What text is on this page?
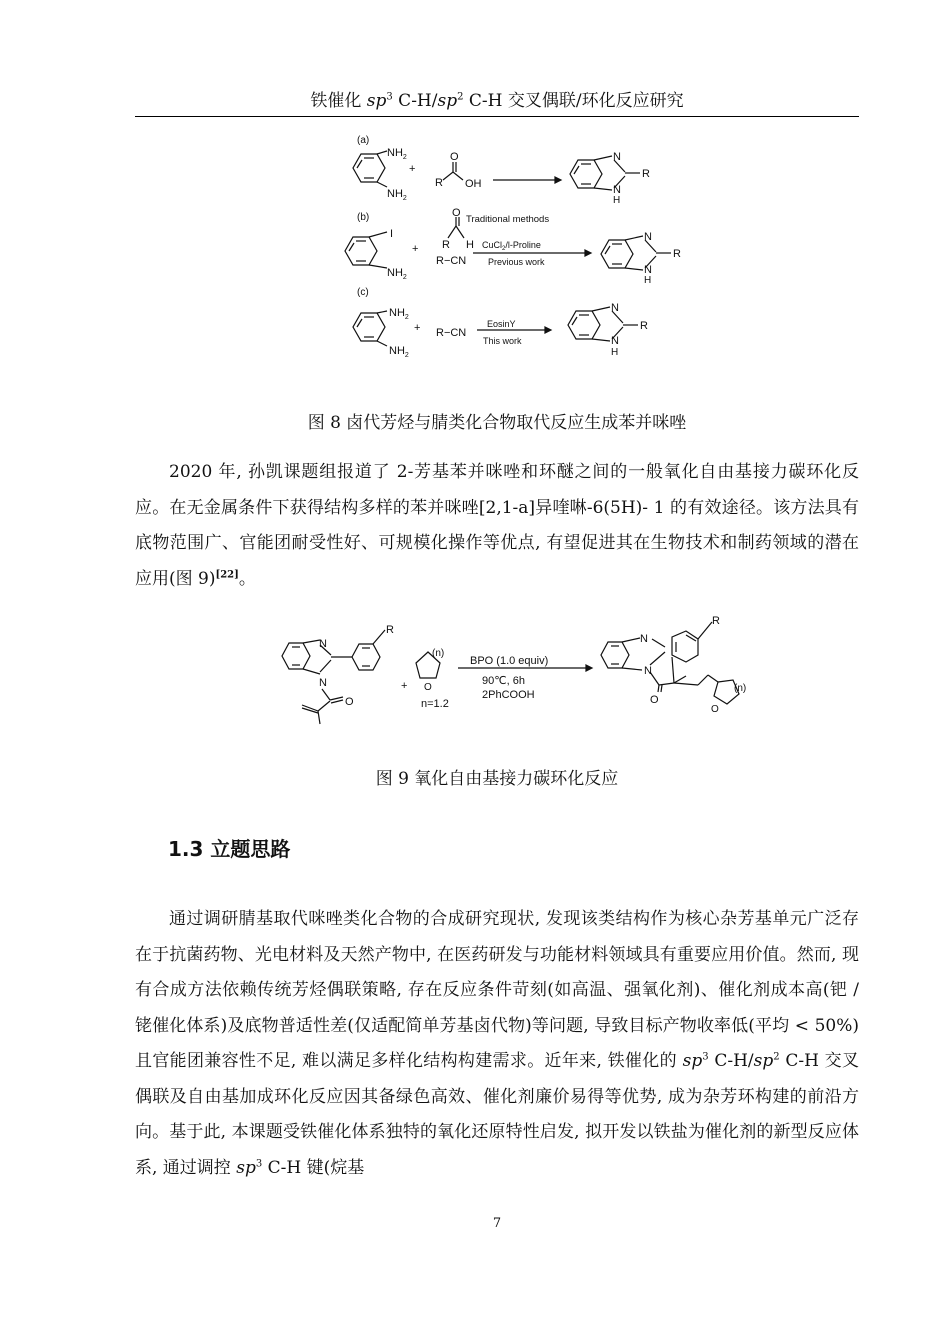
铁催化 $sp^3$ $C-H/sp^2$ C-H 交叉偶联/环化反应研究
(a)
$NH_2$
$NH_2$
+
R
O
OH
N
N
H
R
(b)
I
$NH_2$
+ R
O
H
R−CN
Traditional methods
CuCl$_2$/l-Proline
Previous work
N
N
H
R
(c)
$NH_2$
$NH_2$
+ R−CN
EosinY
This work
N
N
H
R
图 8 卤代芳烃与腈类化合物取代反应生成苯并咪唑

2020 年, 孙凯课题组报道了 2-芳基苯并咪唑和环醚之间的一般氧化自由基接力碳环化反应。在无金属条件下获得结构多样的苯并咪唑[2,1-a]异喹啉-6(5H)- 1 的有效途径。该方法具有底物范围广、官能团耐受性好、可规模化操作等优点, 有望促进其在生物技术和制药领域的潜在应用(图 9)[22]。

N
N
R
O
+
(n)
O
n=1.2
BPO (1.0 equiv)
90℃, 6h
2PhCOOH
N
N
R
O
(n)
O
图 9 氧化自由基接力碳环化反应
1.3 立题思路

通过调研腈基取代咪唑类化合物的合成研究现状, 发现该类结构作为核心杂芳基单元广泛存在于抗菌药物、光电材料及天然产物中, 在医药研发与功能材料领域具有重要应用价值。然而, 现有合成方法依赖传统芳烃偶联策略, 存在反应条件苛刻(如高温、强氧化剂)、催化剂成本高(钯 / 铑催化体系)及底物普适性差(仅适配简单芳基卤代物)等问题, 导致目标产物收率低(平均 < 50%)且官能团兼容性不足, 难以满足多样化结构构建需求。近年来, 铁催化的 $sp^3$ $C-H/sp^2$ C-H 交叉偶联及自由基加成环化反应因其备绿色高效、催化剂廉价易得等优势, 成为杂芳环构建的前沿方向。基于此, 本课题受铁催化体系独特的氧化还原特性启发, 拟开发以铁盐为催化剂的新型反应体系, 通过调控 $sp^3$ C-H 键(烷基

7
